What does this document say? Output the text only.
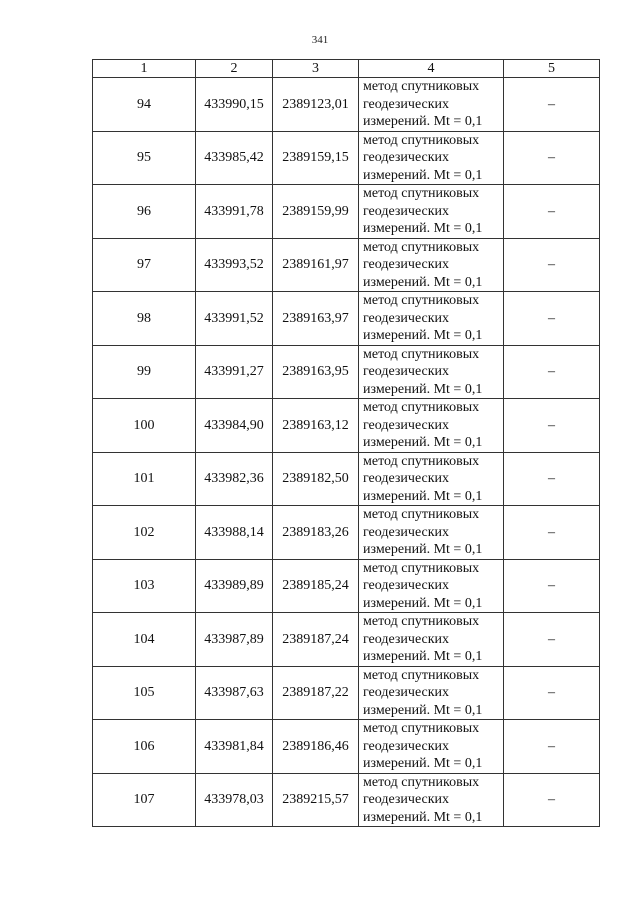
341
1	2	3	4	5
94	433990,15	2389123,01	метод спутниковых
геодезических
измерений. Mt = 0,1	–
95	433985,42	2389159,15	метод спутниковых
геодезических
измерений. Mt = 0,1	–
96	433991,78	2389159,99	метод спутниковых
геодезических
измерений. Mt = 0,1	–
97	433993,52	2389161,97	метод спутниковых
геодезических
измерений. Mt = 0,1	–
98	433991,52	2389163,97	метод спутниковых
геодезических
измерений. Mt = 0,1	–
99	433991,27	2389163,95	метод спутниковых
геодезических
измерений. Mt = 0,1	–
100	433984,90	2389163,12	метод спутниковых
геодезических
измерений. Mt = 0,1	–
101	433982,36	2389182,50	метод спутниковых
геодезических
измерений. Mt = 0,1	–
102	433988,14	2389183,26	метод спутниковых
геодезических
измерений. Mt = 0,1	–
103	433989,89	2389185,24	метод спутниковых
геодезических
измерений. Mt = 0,1	–
104	433987,89	2389187,24	метод спутниковых
геодезических
измерений. Mt = 0,1	–
105	433987,63	2389187,22	метод спутниковых
геодезических
измерений. Mt = 0,1	–
106	433981,84	2389186,46	метод спутниковых
геодезических
измерений. Mt = 0,1	–
107	433978,03	2389215,57	метод спутниковых
геодезических
измерений. Mt = 0,1	–
